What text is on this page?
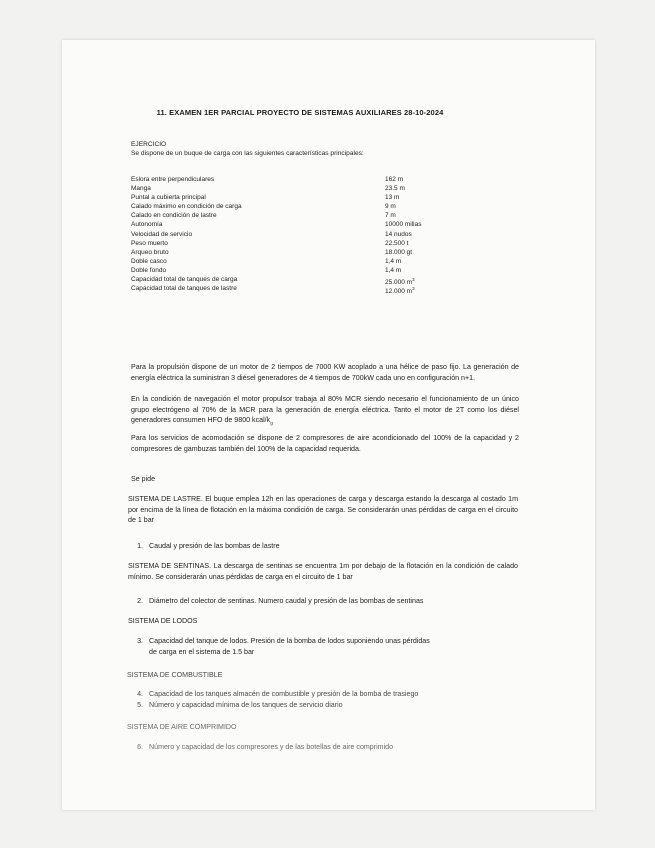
11. EXAMEN 1ER PARCIAL PROYECTO DE SISTEMAS AUXILIARES 28-10-2024
EJERCICIO
Se dispone de un buque de carga con las siguientes características principales:
Eslora entre perpendiculares	162 m
Manga	23.5 m
Puntal a cubierta principal	13 m
Calado máximo en condición de carga	9 m
Calado en condición de lastre	7 m
Autonomía	10000 millas
Velocidad de servicio	14 nudos
Peso muerto	22.500 t
Arqueo bruto	18.000 gt
Doble casco	1,4 m
Doble fondo	1,4 m
Capacidad total de tanques de carga	25.000 $m^3$
Capacidad total de tanques de lastre	12.000 $m^3$
Para la propulsión dispone de un motor de 2 tiempos de 7000 KW acoplado a una hélice de paso fijo. La generación de energía eléctrica la suministran 3 diésel generadores de 4 tiempos de 700kW cada uno en configuración n+1.
En la condición de navegación el motor propulsor trabaja al 80% MCR siendo necesario el funcionamiento de un único grupo electrógeno al 70% de la MCR para la generación de energía eléctrica. Tanto el motor de 2T como los diésel generadores consumen HFO de 9800 kcal/$k_g$
Para los servicios de acomodación se dispone de 2 compresores de aire acondicionado del 100% de la capacidad y 2 compresores de gambuzas también del 100% de la capacidad requerida.
Se pide
SISTEMA DE LASTRE. El buque emplea 12h en las operaciones de carga y descarga estando la descarga al costado 1m por encima de la línea de flotación en la máxima condición de carga. Se considerarán unas pérdidas de carga en el circuito de 1 bar
1. Caudal y presión de las bombas de lastre
SISTEMA DE SENTINAS. La descarga de sentinas se encuentra 1m por debajo de la flotación en la condición de calado mínimo. Se considerarán unas pérdidas de carga en el circuito de 1 bar
2. Diámetro del colector de sentinas. Numero caudal y presión de las bombas de sentinas
SISTEMA DE LODOS
3. Capacidad del tanque de lodos. Presión de la bomba de lodos suponiendo unas pérdidas
de carga en el sistema de 1.5 bar
SISTEMA DE COMBUSTIBLE
4. Capacidad de los tanques almacén de combustible y presión de la bomba de trasiego
5. Número y capacidad mínima de los tanques de servicio diario
SISTEMA DE AIRE COMPRIMIDO
6. Número y capacidad de los compresores y de las botellas de aire comprimido
